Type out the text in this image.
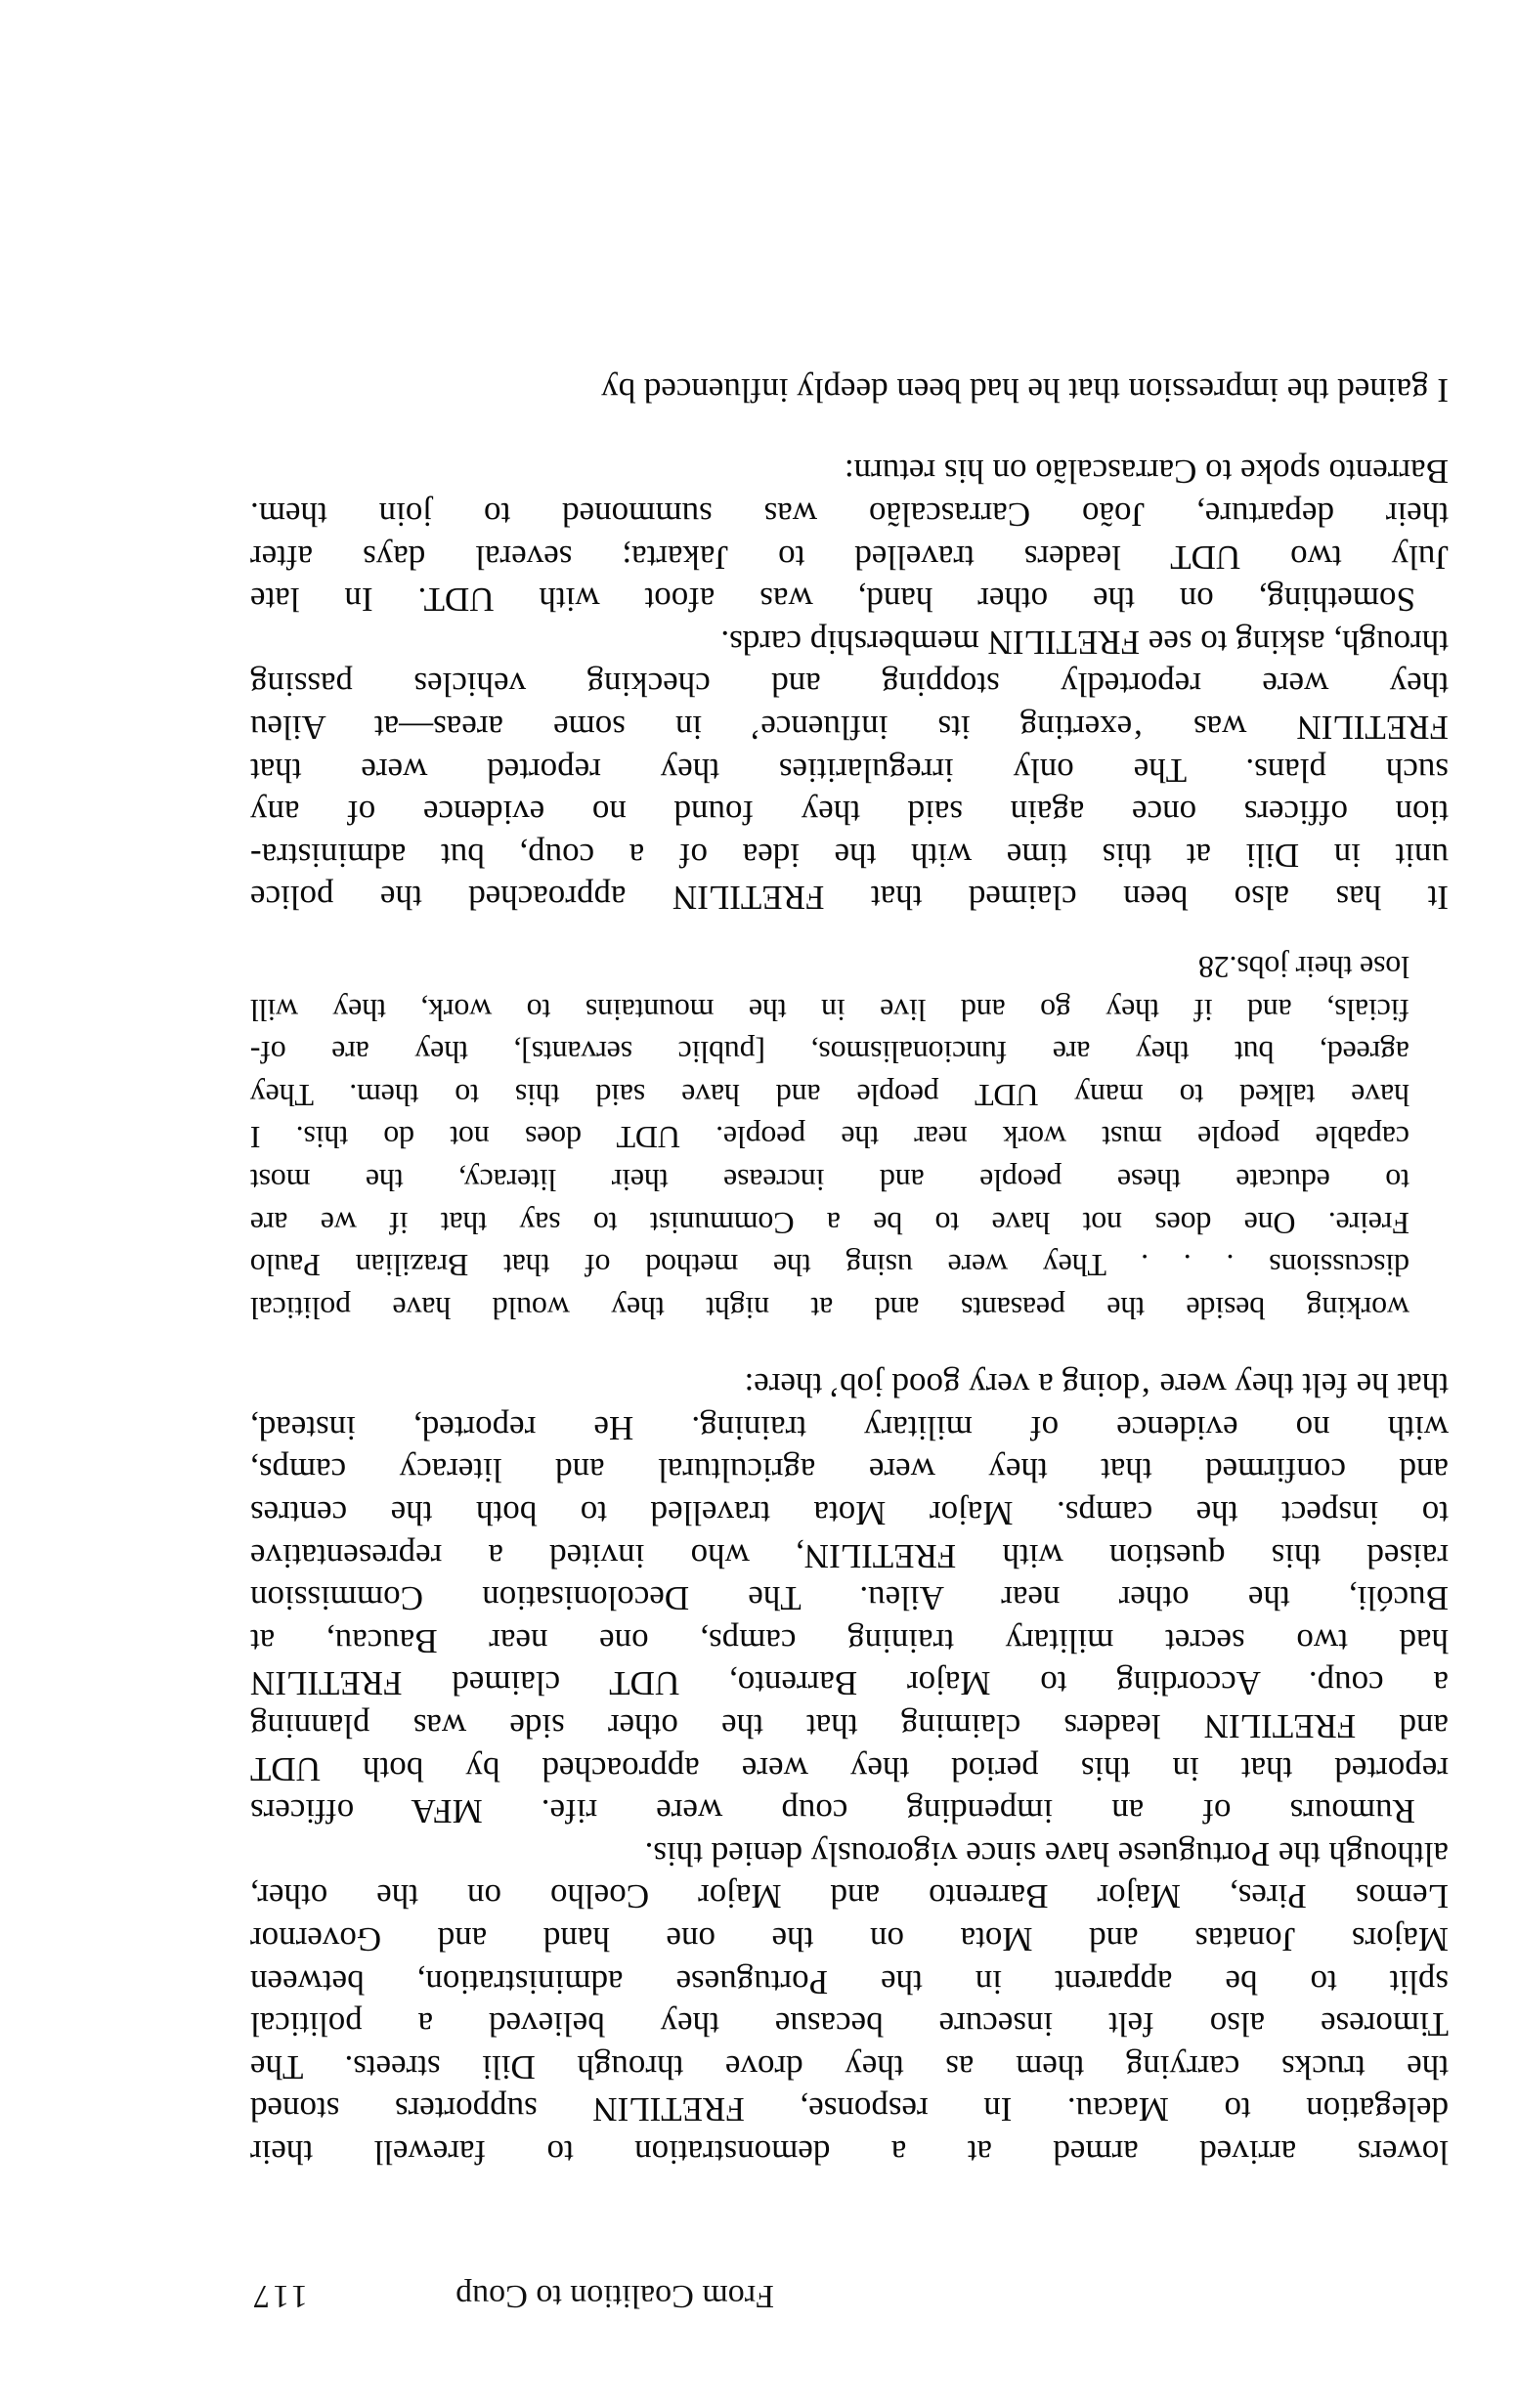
From Coalition to Coup
117
lowers arrived armed at a demonstration to farewell their
delegation to Macau. In response, FRETILIN supporters stoned
the trucks carrying them as they drove through Dili streets. The
Timorese also felt insecure becasue they believed a political
split to be apparent in the Portuguese administration, between
Majors Jonatas and Mota on the one hand and Governor
Lemos Pires, Major Barrento and Major Coelho on the other,
although the Portuguese have since vigorously denied this.
Rumours of an impending coup were rife. MFA officers
reported that in this period they were approached by both UDT
and FRETILIN leaders claiming that the other side was planning
a coup. According to Major Barrento, UDT claimed FRETILIN
had two secret military training camps, one near Baucau, at
Bucóli, the other near Aileu. The Decolonisation Commission
raised this question with FRETILIN, who invited a representative
to inspect the camps. Major Mota travelled to both the centres
and confirmed that they were agricultural and literacy camps,
with no evidence of military training. He reported, instead,
that he felt they were ‘doing a very good job’ there:
working beside the peasants and at night they would have political
discussions . . . They were using the method of that Brazilian Paulo
Freire. One does not have to be a Communist to say that if we are
to educate these people and increase their literacy, the most
capable people must work near the people. UDT does not do this. I
have talked to many UDT people and have said this to them. They
agreed, but they are funcionalismos, [public servants], they are of-
ficials, and if they go and live in the mountains to work, they will
lose their jobs.28
It has also been claimed that FRETILIN approached the police
unit in Dili at this time with the idea of a coup, but administra-
tion officers once again said they found no evidence of any
such plans. The only irregularities they reported were that
FRETILIN was ‘exerting its influence’ in some areas—at Aileu
they were reportedly stopping and checking vehicles passing
through, asking to see FRETILIN membership cards.
Something, on the other hand, was afoot with UDT. In late
July two UDT leaders travelled to Jakarta; several days after
their departure, João Carrascalão was summoned to join them.
Barrento spoke to Carrascalão on his return:
I gained the impression that he had been deeply influenced by
